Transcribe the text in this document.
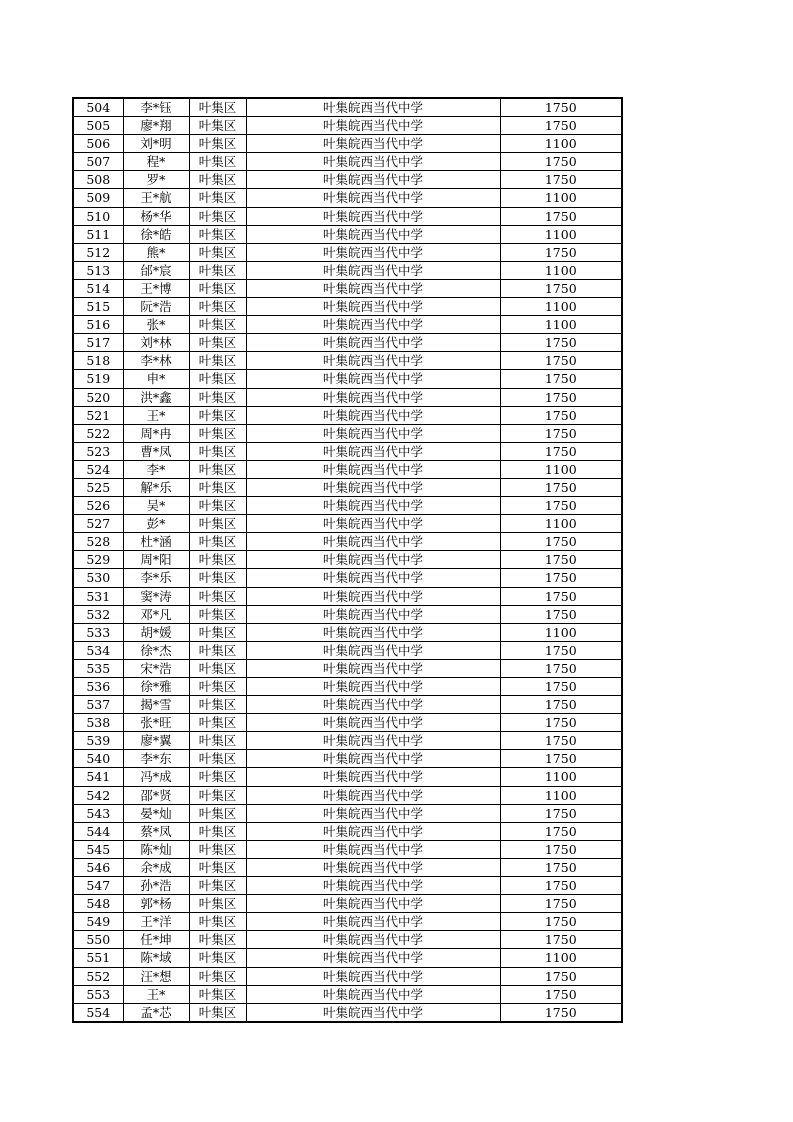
504	李*钰	叶集区	叶集皖西当代中学	1750
505	廖*翔	叶集区	叶集皖西当代中学	1750
506	刘*明	叶集区	叶集皖西当代中学	1100
507	程*	叶集区	叶集皖西当代中学	1750
508	罗*	叶集区	叶集皖西当代中学	1750
509	王*航	叶集区	叶集皖西当代中学	1100
510	杨*华	叶集区	叶集皖西当代中学	1750
511	徐*皓	叶集区	叶集皖西当代中学	1100
512	熊*	叶集区	叶集皖西当代中学	1750
513	邰*宸	叶集区	叶集皖西当代中学	1100
514	王*博	叶集区	叶集皖西当代中学	1750
515	阮*浩	叶集区	叶集皖西当代中学	1100
516	张*	叶集区	叶集皖西当代中学	1100
517	刘*林	叶集区	叶集皖西当代中学	1750
518	李*林	叶集区	叶集皖西当代中学	1750
519	申*	叶集区	叶集皖西当代中学	1750
520	洪*鑫	叶集区	叶集皖西当代中学	1750
521	王*	叶集区	叶集皖西当代中学	1750
522	周*冉	叶集区	叶集皖西当代中学	1750
523	曹*凤	叶集区	叶集皖西当代中学	1750
524	李*	叶集区	叶集皖西当代中学	1100
525	解*乐	叶集区	叶集皖西当代中学	1750
526	吴*	叶集区	叶集皖西当代中学	1750
527	彭*	叶集区	叶集皖西当代中学	1100
528	杜*涵	叶集区	叶集皖西当代中学	1750
529	周*阳	叶集区	叶集皖西当代中学	1750
530	李*乐	叶集区	叶集皖西当代中学	1750
531	窦*涛	叶集区	叶集皖西当代中学	1750
532	邓*凡	叶集区	叶集皖西当代中学	1750
533	胡*媛	叶集区	叶集皖西当代中学	1100
534	徐*杰	叶集区	叶集皖西当代中学	1750
535	宋*浩	叶集区	叶集皖西当代中学	1750
536	徐*雅	叶集区	叶集皖西当代中学	1750
537	揭*雪	叶集区	叶集皖西当代中学	1750
538	张*旺	叶集区	叶集皖西当代中学	1750
539	廖*翼	叶集区	叶集皖西当代中学	1750
540	李*东	叶集区	叶集皖西当代中学	1750
541	冯*成	叶集区	叶集皖西当代中学	1100
542	邵*贤	叶集区	叶集皖西当代中学	1100
543	晏*灿	叶集区	叶集皖西当代中学	1750
544	蔡*凤	叶集区	叶集皖西当代中学	1750
545	陈*灿	叶集区	叶集皖西当代中学	1750
546	余*成	叶集区	叶集皖西当代中学	1750
547	孙*浩	叶集区	叶集皖西当代中学	1750
548	郭*杨	叶集区	叶集皖西当代中学	1750
549	王*洋	叶集区	叶集皖西当代中学	1750
550	任*坤	叶集区	叶集皖西当代中学	1750
551	陈*域	叶集区	叶集皖西当代中学	1100
552	汪*想	叶集区	叶集皖西当代中学	1750
553	王*	叶集区	叶集皖西当代中学	1750
554	孟*芯	叶集区	叶集皖西当代中学	1750
